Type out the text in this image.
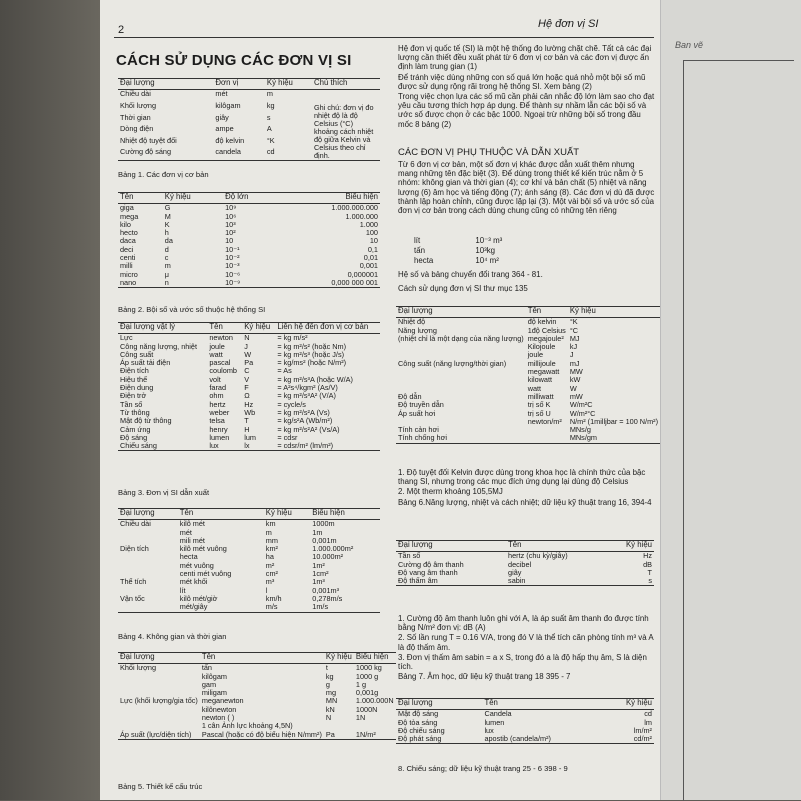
2	Hệ đơn vị SI
CÁCH SỬ DỤNG CÁC ĐƠN VỊ SI
Đại lượng	Đơn vị	Ký hiệu	Chú thích
Chiều dài	mét	m	Ghi chú: đơn vị đo nhiệt độ là độ Celsius (°C) khoảng cách nhiệt độ giữa Kelvin và Celsius theo chỉ định.
Khối lượng	kilôgam	kg	
Thời gian	giây	s	
Dòng điện	ampe	A	
Nhiệt độ tuyệt đối	độ kelvin	°K	
Cường độ sáng	candela	cd	
Bảng 1. Các đơn vị cơ bản
Tên	Ký hiệu	Độ lớn	Biểu hiện
giga	G	10⁹	1.000.000.000
mega	M	10⁶	1.000.000
kilo	K	10³	1.000
hecto	h	10²	100
daca	da	10	10
deci	d	10⁻¹	0,1
centi	c	10⁻²	0,01
milli	m	10⁻³	0,001
micro	μ	10⁻⁶	0,000001
nano	n	10⁻⁹	0,000 000 001
Bảng 2. Bội số và ước số thuộc hệ thống SI
Đại lượng vật lý	Tên	Ký hiệu	Liên hệ đến đơn vị cơ bản
Lực	newton	N	= kg m/s²
Công năng lượng, nhiệt	joule	J	= kg m²/s² (hoặc Nm)
Công suất	watt	W	= kg m²/s³ (hoặc J/s)
Áp suất tải điện	pascal	Pa	= kg/ms² (hoặc N/m²)
Điện tích	coulomb	C	= As
Hiệu thế	volt	V	= kg m²/s³A (hoặc W/A)
Điện dung	farad	F	= A²s⁴/kgm² (As/V)
Điện trở	ohm	Ω	= kg m²/s³A² (V/A)
Tần số	hertz	Hz	= cycle/s
Từ thông	weber	Wb	= kg m²/s²A (Vs)
Mật độ từ thông	telsa	T	= kg/s²A (Wb/m²)
Cảm ứng	henry	H	= kg m²/s²A² (Vs/A)
Độ sáng	lumen	lum	= cdsr
Chiếu sáng	lux	lx	= cdsr/m² (lm/m²)
Bảng 3. Đơn vị SI dẫn xuất
Đại lượng	Tên	Ký hiệu	Biểu hiện
Chiều dài	kilô mét	km	1000m
	mét	m	1m
	mili mét	mm	0,001m
Diện tích	kilô mét vuông	km²	1.000.000m²
	hecta	ha	10.000m²
	mét vuông	m²	1m²
	centi mét vuông	cm²	1cm²
Thể tích	mét khối	m³	1m³
	lít	l	0,001m³
Vận tốc	kilô mét/giờ	km/h	0,278m/s
	mét/giây	m/s	1m/s
Bảng 4. Không gian và thời gian
Đại lượng	Tên	Ký hiệu	Biểu hiện
Khối lượng	tấn	t	1000 kg
	kilôgam	kg	1000 g
	gam	g	1 g
	miligam	mg	0,001g
Lực (khối lượng/gia tốc)	meganewton	MN	1.000.000N
	kilônewton	kN	1000N
	newton ( )	N	1N
	1 cân Ảnh lực khoảng 4,5N)		
Áp suất (lực/diện tích)	Pascal (hoặc có độ biểu hiện N/mm²)	Pa	1N/m²
Bảng 5. Thiết kế cấu trúc

Hệ đơn vị quốc tế (SI) là một hệ thống đo lường chặt chẽ. Tất cả các đại lượng cần thiết đều xuất phát từ 6 đơn vị cơ bản và các đơn vị được ấn định làm trung gian (1)

Để tránh việc dùng những con số quá lớn hoặc quá nhỏ một bội số mũ được sử dụng rộng rãi trong hệ thống SI. Xem bảng (2)

Trong việc chọn lựa các số mũ cần phải cân nhắc độ lớn làm sao cho đạt yêu cầu tương thích hợp áp dụng. Để thành sự nhầm lẫn các bội số và ước số được chọn ở các bậc 1000. Ngoại trừ những bội số trong đầu mốc 8 bảng (2)

CÁC ĐƠN VỊ PHỤ THUỘC VÀ DẪN XUẤT
Từ 6 đơn vị cơ bản, một số đơn vị khác được dẫn xuất thêm nhưng mang những tên đặc biệt (3). Để dùng trong thiết kế kiến trúc nằm ở 5 nhóm: không gian và thời gian (4); cơ khí và bản chất (5) nhiệt và năng lượng (6) âm học và tiếng động (7); ánh sáng (8). Các đơn vị dù đã được thành lập hoàn chỉnh, cũng được lặp lại (3). Một vài bội số và ước số của đơn vị cơ bản trong cách dùng chung cũng có những tên riêng
lít	10⁻³ m³
tấn	10³kg
hecta	10⁴ m²
Hệ số và bảng chuyển đổi trang 364 - 81.
Cách sử dụng đơn vị SI thư mục 135
Đại lượng	Tên	Ký hiệu	
Nhiệt độ	độ kelvin	°K	
Năng lượng	1độ Celsius	°C	
(nhiệt chỉ là một dạng của năng lượng)	megajoule²	MJ	
	Kilojoule	kJ	
	joule	J	
Công suất (năng lượng/thời gian)	millijoule	mJ	
	megawatt	MW	
	kilowatt	kW	
	watt	W	
Độ dẫn	milliwatt	mW	
Độ truyền dẫn	trị số K	W/m²C	
Áp suất hơi	trị số U	W/m²°C	
	newton/m²	N/m² (1milljbar = 100 N/m²)	
Tính cản hơi		MNs/g	
Tính chống hơi		MNs/gm	

1. Độ tuyệt đối Kelvin được dùng trong khoa học là chính thức của bậc thang SI, nhưng trong các mục đích ứng dụng lại dùng độ Celsius

2. Một therm khoảng 105,5MJ

Bảng 6.Năng lượng, nhiệt và cách nhiệt; dữ liệu kỹ thuật trang 16, 394-4

Đại lượng	Tên	Ký hiệu
Tần số	hertz (chu kỳ/giây)	Hz
Cường độ âm thanh	decibel	dB
Độ vang âm thanh	giây	T
Độ thấm âm	sabin	s

1. Cường độ âm thanh luôn ghi với A, là áp suất âm thanh đo được tính bằng N/m² đơn vị: dB (A)

2. Số lần rung T = 0.16 V/A, trong đó V là thể tích căn phòng tính m³ và A là độ thấm âm.

3. Đơn vị thấm âm sabin = a x S, trong đó a là độ hấp thụ âm, S là diện tích.

Bảng 7. Âm học, dữ liệu kỹ thuật trang 18 395 - 7

Đại lượng	Tên	Ký hiệu
Mật độ sáng	Candela	cd
Độ tỏa sáng	lumen	lm
Độ chiếu sáng	lux	lm/m²
Độ phát sáng	apostib (candela/m²)	cd/m²
8. Chiếu sáng; dữ liệu kỹ thuật trang 25 - 6 398 - 9
Ban vẽ
